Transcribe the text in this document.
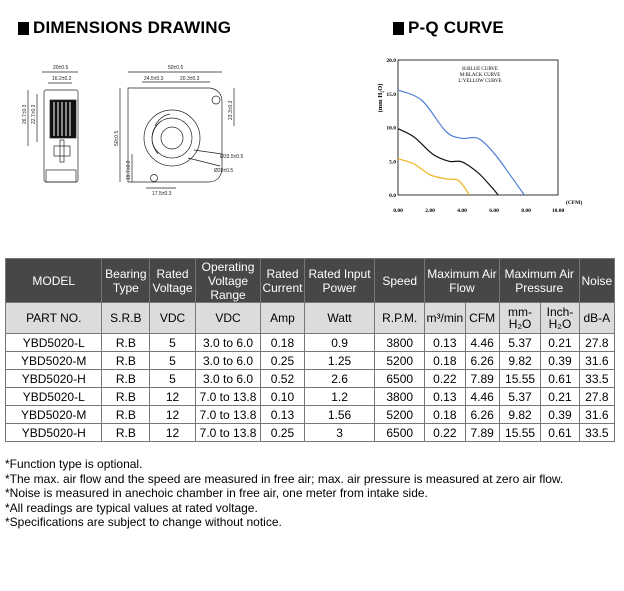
DIMENSIONS DRAWING	P-Q CURVE
20±0.5
16.2±0.2
26.7±0.3 22.7±0.3
50±0.5
24.5±0.3	20.3±0.3
23.3±0.3
50±0.5
19.7±0.3
Ø33.5±0.5
Ø20±0.5
17.5±0.3
(mm H₂O)
20.0
15.0
10.0
5.0
0.0
0.00	2.00	4.00	6.00	8.00	10.00
(CFM)
H:BLUE CURVE
M:BLACK CURVE
L:YELLOW CURVE
MODEL	Bearing Type	Rated Voltage	Operating Voltage Range	Rated Current	Rated Input Power	Speed	Maximum Air Flow		Maximum Air Pressure		Noise
PART NO.	S.R.B	VDC	VDC	Amp	Watt	R.P.M.	m³/min	CFM	mm-H₂O	Inch-H₂O	dB-A
YBD5020-L	R.B	5	3.0 to 6.0	0.18	0.9	3800	0.13	4.46	5.37	0.21	27.8
YBD5020-M	R.B	5	3.0 to 6.0	0.25	1.25	5200	0.18	6.26	9.82	0.39	31.6
YBD5020-H	R.B	5	3.0 to 6.0	0.52	2.6	6500	0.22	7.89	15.55	0.61	33.5
YBD5020-L	R.B	12	7.0 to 13.8	0.10	1.2	3800	0.13	4.46	5.37	0.21	27.8
YBD5020-M	R.B	12	7.0 to 13.8	0.13	1.56	5200	0.18	6.26	9.82	0.39	31.6
YBD5020-H	R.B	12	7.0 to 13.8	0.25	3	6500	0.22	7.89	15.55	0.61	33.5
*Function type is optional.
*The max. air flow and the speed are measured in free air; max. air pressure is measured at zero air flow.
*Noise is measured in anechoic chamber in free air, one meter from intake side.
*All readings are typical values at rated voltage.
*Specifications are subject to change without notice.
